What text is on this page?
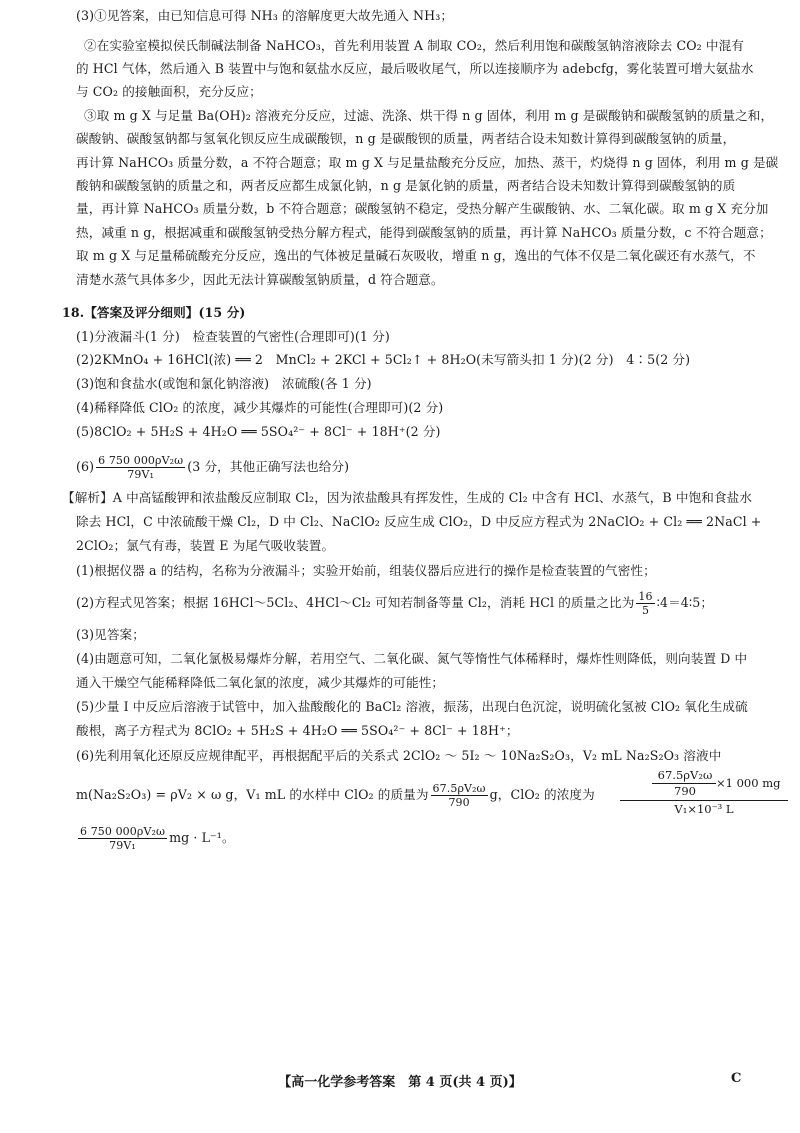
(3)①见答案，由已知信息可得 NH₃ 的溶解度更大故先通入 NH₃；
②在实验室模拟侯氏制碱法制备 NaHCO₃，首先利用装置 A 制取 CO₂，然后利用饱和碳酸氢钠溶液除去 CO₂ 中混有
的 HCl 气体，然后通入 B 装置中与饱和氨盐水反应，最后吸收尾气，所以连接顺序为 adebcfg，雾化装置可增大氨盐水
与 CO₂ 的接触面积，充分反应；
③取 m g X 与足量 Ba(OH)₂ 溶液充分反应，过滤、洗涤、烘干得 n g 固体，利用 m g 是碳酸钠和碳酸氢钠的质量之和，
碳酸钠、碳酸氢钠都与氢氧化钡反应生成碳酸钡，n g 是碳酸钡的质量，两者结合设未知数计算得到碳酸氢钠的质量，
再计算 NaHCO₃ 质量分数，a 不符合题意；取 m g X 与足量盐酸充分反应，加热、蒸干，灼烧得 n g 固体，利用 m g 是碳
酸钠和碳酸氢钠的质量之和，两者反应都生成氯化钠，n g 是氯化钠的质量，两者结合设未知数计算得到碳酸氢钠的质
量，再计算 NaHCO₃ 质量分数，b 不符合题意；碳酸氢钠不稳定，受热分解产生碳酸钠、水、二氧化碳。取 m g X 充分加
热，减重 n g，根据减重和碳酸氢钠受热分解方程式，能得到碳酸氢钠的质量，再计算 NaHCO₃ 质量分数，c 不符合题意；
取 m g X 与足量稀硫酸充分反应，逸出的气体被足量碱石灰吸收，增重 n g，逸出的气体不仅是二氧化碳还有水蒸气，不
清楚水蒸气具体多少，因此无法计算碳酸氢钠质量，d 符合题意。
18.【答案及评分细则】(15 分)
(1)分液漏斗(1 分)　检查装置的气密性(合理即可)(1 分)
(2)2KMnO₄ + 16HCl(浓) ══ 2　MnCl₂ + 2KCl + 5Cl₂↑ + 8H₂O(未写箭头扣 1 分)(2 分)　4∶5(2 分)
(3)饱和食盐水(或饱和氯化钠溶液)　浓硫酸(各 1 分)
(4)稀释降低 ClO₂ 的浓度，减少其爆炸的可能性(合理即可)(2 分)
(5)8ClO₂ + 5H₂S + 4H₂O ══ 5SO₄²⁻ + 8Cl⁻ + 18H⁺(2 分)
$(6) \frac{\text{6 750 000ρV₂ω}}{\text{79V₁}} (3$ 分，其他正确写法也给分)
【解析】A 中高锰酸钾和浓盐酸反应制取 Cl₂，因为浓盐酸具有挥发性，生成的 Cl₂ 中含有 HCl、水蒸气，B 中饱和食盐水
除去 HCl，C 中浓硫酸干燥 Cl₂，D 中 Cl₂、NaClO₂ 反应生成 ClO₂，D 中反应方程式为 2NaClO₂ + Cl₂ ══ 2NaCl +
2ClO₂；氯气有毒，装置 E 为尾气吸收装置。
(1)根据仪器 a 的结构，名称为分液漏斗；实验开始前，组装仪器后应进行的操作是检查装置的气密性；
(2)方程式见答案；根据 16HCl～5Cl₂、4HCl～Cl₂ 可知若制备等量 Cl₂，消耗 HCl 的质量之比为 $\frac{16}{5}$ ∶4＝4∶5；
(3)见答案；
(4)由题意可知，二氧化氯极易爆炸分解，若用空气、二氧化碳、氮气等惰性气体稀释时，爆炸性则降低，则向装置 D 中
通入干燥空气能稀释降低二氧化氯的浓度，减少其爆炸的可能性；
(5)少量 I 中反应后溶液于试管中，加入盐酸酸化的 BaCl₂ 溶液，振荡，出现白色沉淀，说明硫化氢被 ClO₂ 氧化生成硫
酸根，离子方程式为 8ClO₂ + 5H₂S + 4H₂O ══ 5SO₄²⁻ + 8Cl⁻ + 18H⁺；
(6)先利用氧化还原反应规律配平，再根据配平后的关系式 2ClO₂ ～ 5I₂ ～ 10Na₂S₂O₃，V₂ mL Na₂S₂O₃ 溶液中
m(Na₂S₂O₃) = ρV₂ × ω g，V₁ mL 的水样中 ClO₂ 的质量为 $\frac{\text{67.5ρV₂ω}}{790}$ g，ClO₂ 的浓度为
67.5ρV₂ω
790
×1 000 mg
V₁×10⁻³ L
$\frac{\text{6 750 000ρV₂ω}}{\text{79V₁}}$ mg · L⁻¹。
【高一化学参考答案　第 4 页(共 4 页)】	C
